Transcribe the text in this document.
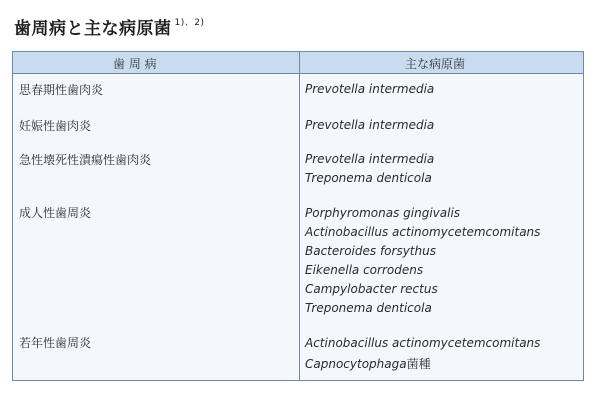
歯周病と主な病原菌 $^{1)、2)}$
歯 周 病	主な病原菌
思春期性歯肉炎	Prevotella intermedia
妊娠性歯肉炎	Prevotella intermedia
急性壊死性潰瘍性歯肉炎	Prevotella intermedia
Treponema denticola
成人性歯周炎	Porphyromonas gingivalis
Actinobacillus actinomycetemcomitans
Bacteroides forsythus
Eikenella corrodens
Campylobacter rectus
Treponema denticola
若年性歯周炎	Actinobacillus actinomycetemcomitans
Capnocytophaga菌種
